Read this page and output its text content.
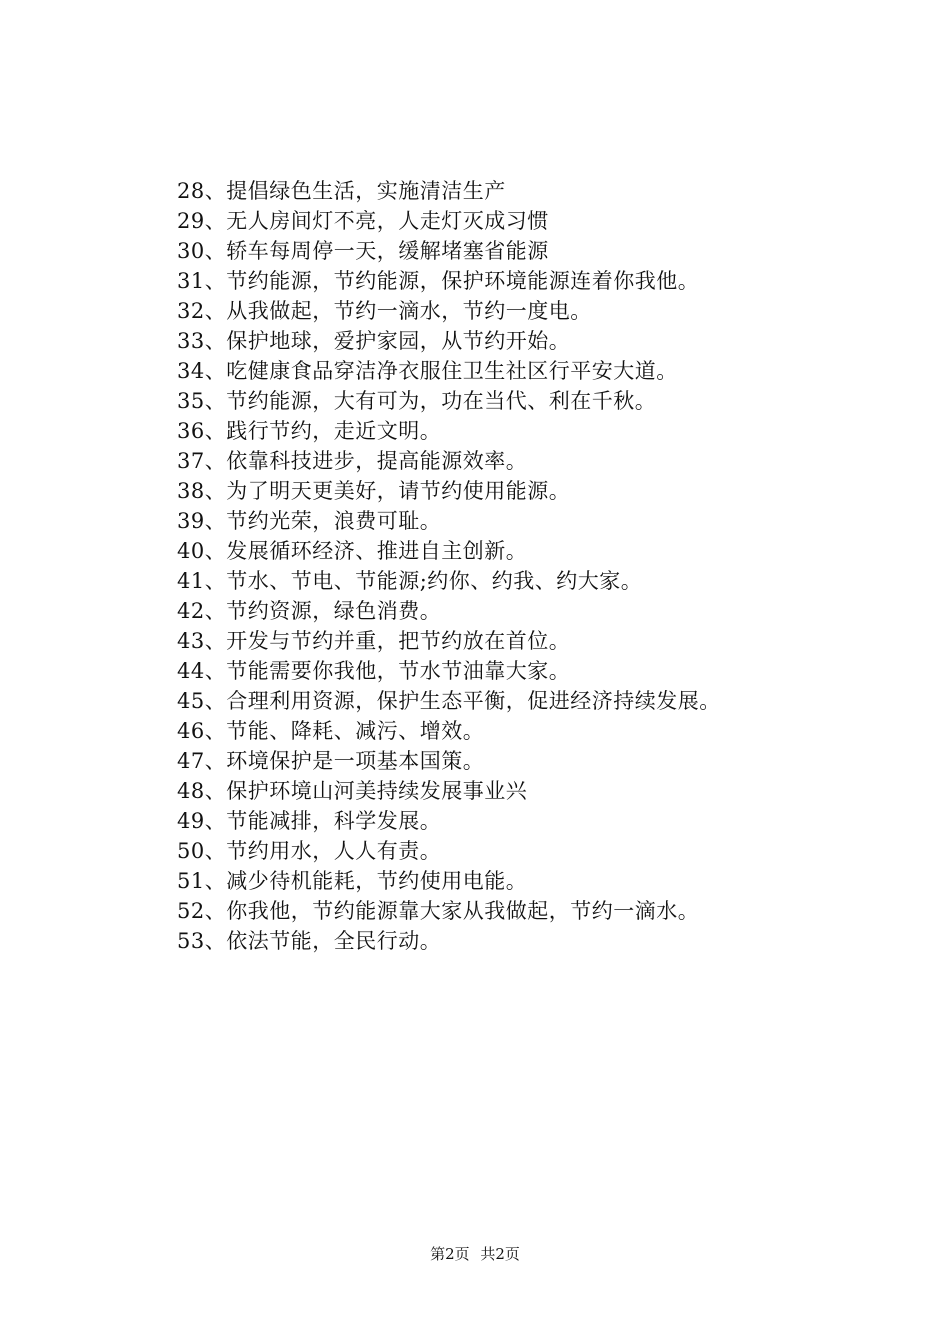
28、提倡绿色生活，实施清洁生产
29、无人房间灯不亮，人走灯灭成习惯
30、轿车每周停一天，缓解堵塞省能源
31、节约能源，节约能源，保护环境能源连着你我他。
32、从我做起，节约一滴水，节约一度电。
33、保护地球，爱护家园，从节约开始。
34、吃健康食品穿洁净衣服住卫生社区行平安大道。
35、节约能源，大有可为，功在当代、利在千秋。
36、践行节约，走近文明。
37、依靠科技进步，提高能源效率。
38、为了明天更美好，请节约使用能源。
39、节约光荣，浪费可耻。
40、发展循环经济、推进自主创新。
41、节水、节电、节能源;约你、约我、约大家。
42、节约资源，绿色消费。
43、开发与节约并重，把节约放在首位。
44、节能需要你我他，节水节油靠大家。
45、合理利用资源，保护生态平衡，促进经济持续发展。
46、节能、降耗、减污、增效。
47、环境保护是一项基本国策。
48、保护环境山河美持续发展事业兴
49、节能减排，科学发展。
50、节约用水，人人有责。
51、减少待机能耗，节约使用电能。
52、你我他，节约能源靠大家从我做起，节约一滴水。
53、依法节能，全民行动。
第2页 共2页
